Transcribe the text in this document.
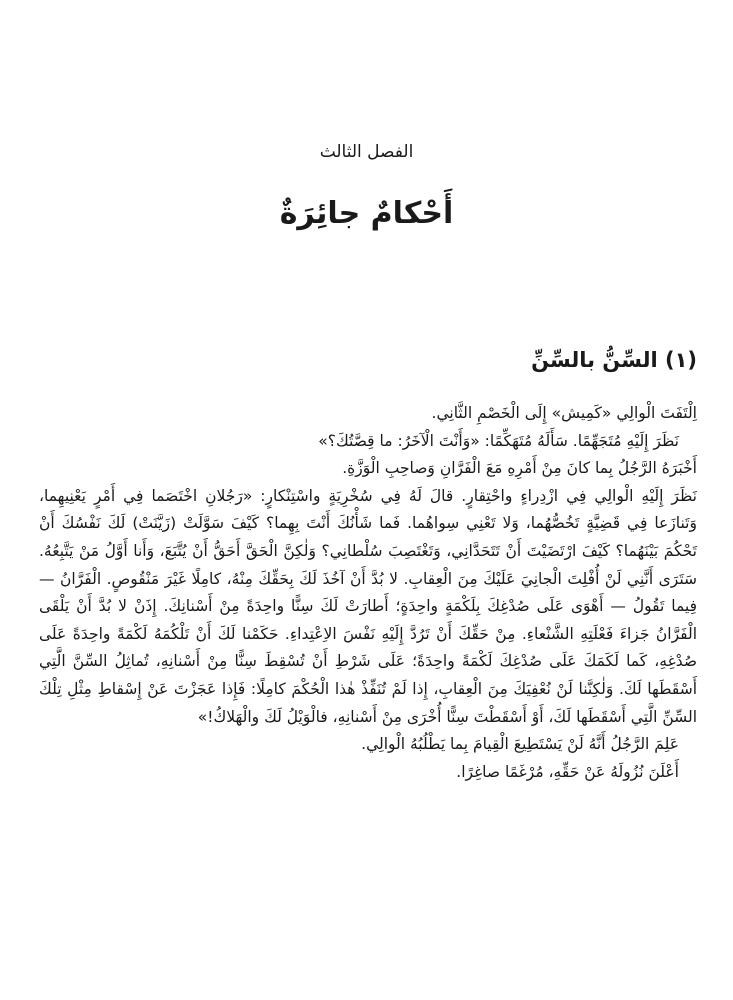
الفصل الثالث
أَحْكامٌ جائِرَةٌ
(١) السِّنُّ بالسِّنِّ

اِلْتَفَتَ الْوالِي «كَمِيش» إِلَى الْخَصْمِ الثَّانِي.

نَظَرَ إِلَيْهِ مُتَجَهِّمًا. سَأَلَهُ مُتَهَكِّمًا: «وَأَنْتَ الْآخَرُ: ما قِصَّتُكَ؟»

أَخْبَرَهُ الرَّجُلُ بِما كانَ مِنْ أَمْرِهِ مَعَ الْفَرَّانِ وَصاحِبِ الْوَزَّةِ.

نَظَرَ إِلَيْهِ الْوالِي فِي ازْدِراءٍ واحْتِقارٍ. قالَ لَهُ فِي سُخْرِيَةٍ واسْتِنْكارٍ: «رَجُلانِ اخْتَصَما فِي أَمْرٍ يَعْنِيهِما، وَتَنازَعا فِي قَضِيَّةٍ تَخُصُّهُما، وَلا تَعْنِي سِواهُما. فَما شَأْنُكَ أَنْتَ بِهِما؟ كَيْفَ سَوَّلَتْ (زَيَّنَتْ) لَكَ نَفْسُكَ أَنْ تَحْكُمَ بَيْنَهُما؟ كَيْفَ ارْتَضَيْتَ أَنْ تَتَحَدَّانِي، وَتَغْتَصِبَ سُلْطانِي؟ وَلٰكِنَّ الْحَقَّ أَحَقُّ أَنْ يُتَّبَعَ، وَأَنا أَوَّلُ مَنْ يَتَّبِعُهُ. سَتَرَى أَنَّنِي لَنْ أُفْلِتَ الْجانِيَ عَلَيْكَ مِنَ الْعِقابِ. لا بُدَّ أَنْ آخُذَ لَكَ بِحَقِّكَ مِنْهُ، كامِلًا غَيْرَ مَنْقُوصٍ. الْفَرَّانُ — فِيما تَقُولُ — أَهْوَى عَلَى صُدْغِكَ بِلَكْمَةٍ واحِدَةٍ؛ أَطارَتْ لَكَ سِنًّا واحِدَةً مِنْ أَسْنانِكَ. إِذَنْ لا بُدَّ أَنْ يَلْقَى الْفَرَّانُ جَزاءَ فَعْلَتِهِ الشَّنْعاءِ. مِنْ حَقِّكَ أَنْ تَرُدَّ إِلَيْهِ نَفْسَ الاِعْتِداءِ. حَكَمْنا لَكَ أَنْ تَلْكُمَهُ لَكْمَةً واحِدَةً عَلَى صُدْغِهِ، كَما لَكَمَكَ عَلَى صُدْغِكَ لَكْمَةً واحِدَةً؛ عَلَى شَرْطِ أَنْ تُسْقِطَ سِنًّا مِنْ أَسْنانِهِ، تُماثِلُ السِّنَّ الَّتِي أَسْقَطَها لَكَ. وَلٰكِنَّنا لَنْ نُعْفِيَكَ مِنَ الْعِقابِ، إِذا لَمْ تُنَفِّذْ هٰذا الْحُكْمَ كامِلًا: فَإِذا عَجَزْتَ عَنْ إِسْقاطِ مِثْلِ تِلْكَ السِّنِّ الَّتِي أَسْقَطَها لَكَ، أَوْ أَسْقَطْتَ سِنًّا أُخْرَى مِنْ أَسْنانِهِ، فالْوَيْلُ لَكَ والْهَلاكُ!»

عَلِمَ الرَّجُلُ أَنَّهُ لَنْ يَسْتَطِيعَ الْقِيامَ بِما يَطْلُبُهُ الْوالِي.

أَعْلَنَ نُزُولَهُ عَنْ حَقِّهِ، مُرْغَمًا صاغِرًا.
